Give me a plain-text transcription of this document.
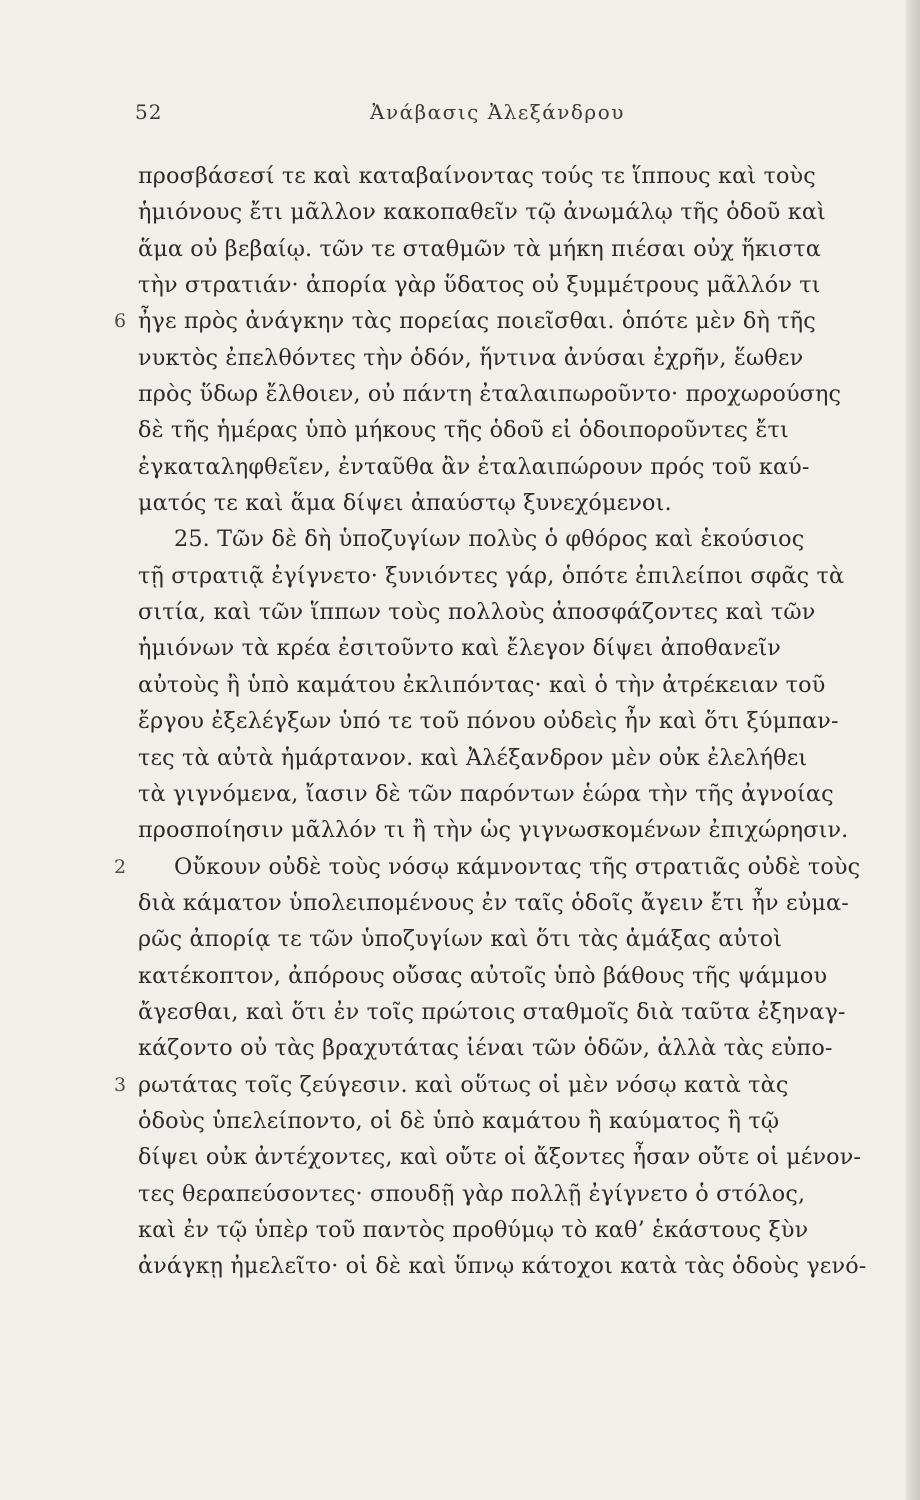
52	Ἀνάβασις Ἀλεξάνδρου
προσβάσεσί τε καὶ καταβαίνοντας τούς τε ἵππους καὶ τοὺς
ἡμιόνους ἔτι μᾶλλον κακοπαθεῖν τῷ ἀνωμάλῳ τῆς ὁδοῦ καὶ
ἅμα οὐ βεβαίῳ. τῶν τε σταθμῶν τὰ μήκη πιέσαι οὐχ ἥκιστα
τὴν στρατιάν· ἀπορία γὰρ ὕδατος οὐ ξυμμέτρους μᾶλλόν τι
6 ἦγε πρὸς ἀνάγκην τὰς πορείας ποιεῖσθαι. ὁπότε μὲν δὴ τῆς
νυκτὸς ἐπελθόντες τὴν ὁδόν, ἥντινα ἀνύσαι ἐχρῆν, ἕωθεν
πρὸς ὕδωρ ἔλθοιεν, οὐ πάντη ἐταλαιπωροῦντο· προχωρούσης
δὲ τῆς ἡμέρας ὑπὸ μήκους τῆς ὁδοῦ εἰ ὁδοιποροῦντες ἔτι
ἐγκαταληφθεῖεν, ἐνταῦθα ἂν ἐταλαιπώρουν πρός τοῦ καύ-
ματός τε καὶ ἅμα δίψει ἀπαύστῳ ξυνεχόμενοι.
25. Τῶν δὲ δὴ ὑποζυγίων πολὺς ὁ φθόρος καὶ ἑκούσιος
τῇ στρατιᾷ ἐγίγνετο· ξυνιόντες γάρ, ὁπότε ἐπιλείποι σφᾶς τὰ
σιτία, καὶ τῶν ἵππων τοὺς πολλοὺς ἀποσφάζοντες καὶ τῶν
ἡμιόνων τὰ κρέα ἐσιτοῦντο καὶ ἔλεγον δίψει ἀποθανεῖν
αὐτοὺς ἢ ὑπὸ καμάτου ἐκλιπόντας· καὶ ὁ τὴν ἀτρέκειαν τοῦ
ἔργου ἐξελέγξων ὑπό τε τοῦ πόνου οὐδεὶς ἦν καὶ ὅτι ξύμπαν-
τες τὰ αὐτὰ ἡμάρτανον. καὶ Ἀλέξανδρον μὲν οὐκ ἐλελήθει
τὰ γιγνόμενα, ἴασιν δὲ τῶν παρόντων ἑώρα τὴν τῆς ἀγνοίας
προσποίησιν μᾶλλόν τι ἢ τὴν ὡς γιγνωσκομένων ἐπιχώρησιν.
2 Οὔκουν οὐδὲ τοὺς νόσῳ κάμνοντας τῆς στρατιᾶς οὐδὲ τοὺς
διὰ κάματον ὑπολειπομένους ἐν ταῖς ὁδοῖς ἄγειν ἔτι ἦν εὐμα-
ρῶς ἀπορίᾳ τε τῶν ὑποζυγίων καὶ ὅτι τὰς ἁμάξας αὐτοὶ
κατέκοπτον, ἀπόρους οὔσας αὐτοῖς ὑπὸ βάθους τῆς ψάμμου
ἄγεσθαι, καὶ ὅτι ἐν τοῖς πρώτοις σταθμοῖς διὰ ταῦτα ἐξηναγ-
κάζοντο οὐ τὰς βραχυτάτας ἰέναι τῶν ὁδῶν, ἀλλὰ τὰς εὐπο-
3 ρωτάτας τοῖς ζεύγεσιν. καὶ οὕτως οἱ μὲν νόσῳ κατὰ τὰς
ὁδοὺς ὑπελείποντο, οἱ δὲ ὑπὸ καμάτου ἢ καύματος ἢ τῷ
δίψει οὐκ ἀντέχοντες, καὶ οὔτε οἱ ἄξοντες ἦσαν οὔτε οἱ μένον-
τες θεραπεύσοντες· σπουδῇ γὰρ πολλῇ ἐγίγνετο ὁ στόλος,
καὶ ἐν τῷ ὑπὲρ τοῦ παντὸς προθύμῳ τὸ καθ’ ἑκάστους ξὺν
ἀνάγκῃ ἠμελεῖτο· οἱ δὲ καὶ ὕπνῳ κάτοχοι κατὰ τὰς ὁδοὺς γενό-
